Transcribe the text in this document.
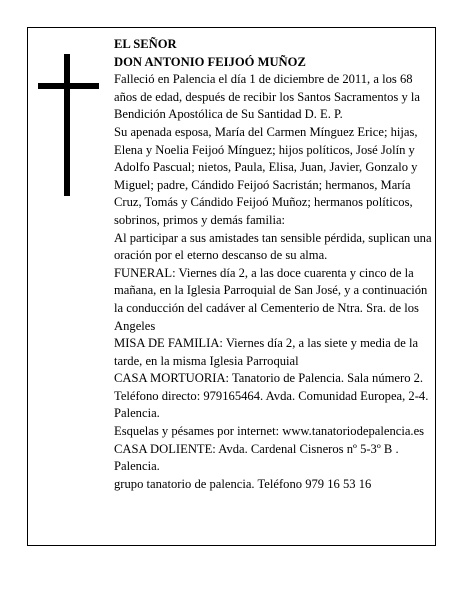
EL SEÑOR

DON ANTONIO FEIJOÓ MUÑOZ

Falleció en Palencia el día 1 de diciembre de 2011, a los 68 años de edad, después de recibir los Santos Sacramentos y la Bendición Apostólica de Su Santidad D. E. P.

Su apenada esposa, María del Carmen Mínguez Erice; hijas, Elena y Noelia Feijoó Mínguez; hijos políticos, José Jolín y Adolfo Pascual; nietos, Paula, Elisa, Juan, Javier, Gonzalo y Miguel; padre, Cándido Feijoó Sacristán; hermanos, María Cruz, Tomás y Cándido Feijoó Muñoz; hermanos políticos, sobrinos, primos y demás familia:

Al participar a sus amistades tan sensible pérdida, suplican una oración por el eterno descanso de su alma.

FUNERAL: Viernes día 2, a las doce cuarenta y cinco de la mañana, en la Iglesia Parroquial de San José, y a continuación la conducción del cadáver al Cementerio de Ntra. Sra. de los Angeles

MISA DE FAMILIA: Viernes día 2, a las siete y media de la tarde, en la misma Iglesia Parroquial

CASA MORTUORIA: Tanatorio de Palencia. Sala número 2. Teléfono directo: 979165464. Avda. Comunidad Europea, 2-4. Palencia.

Esquelas y pésames por internet: www.tanatoriodepalencia.es

CASA DOLIENTE: Avda. Cardenal Cisneros nº 5-3º B . Palencia.

grupo tanatorio de palencia. Teléfono 979 16 53 16
